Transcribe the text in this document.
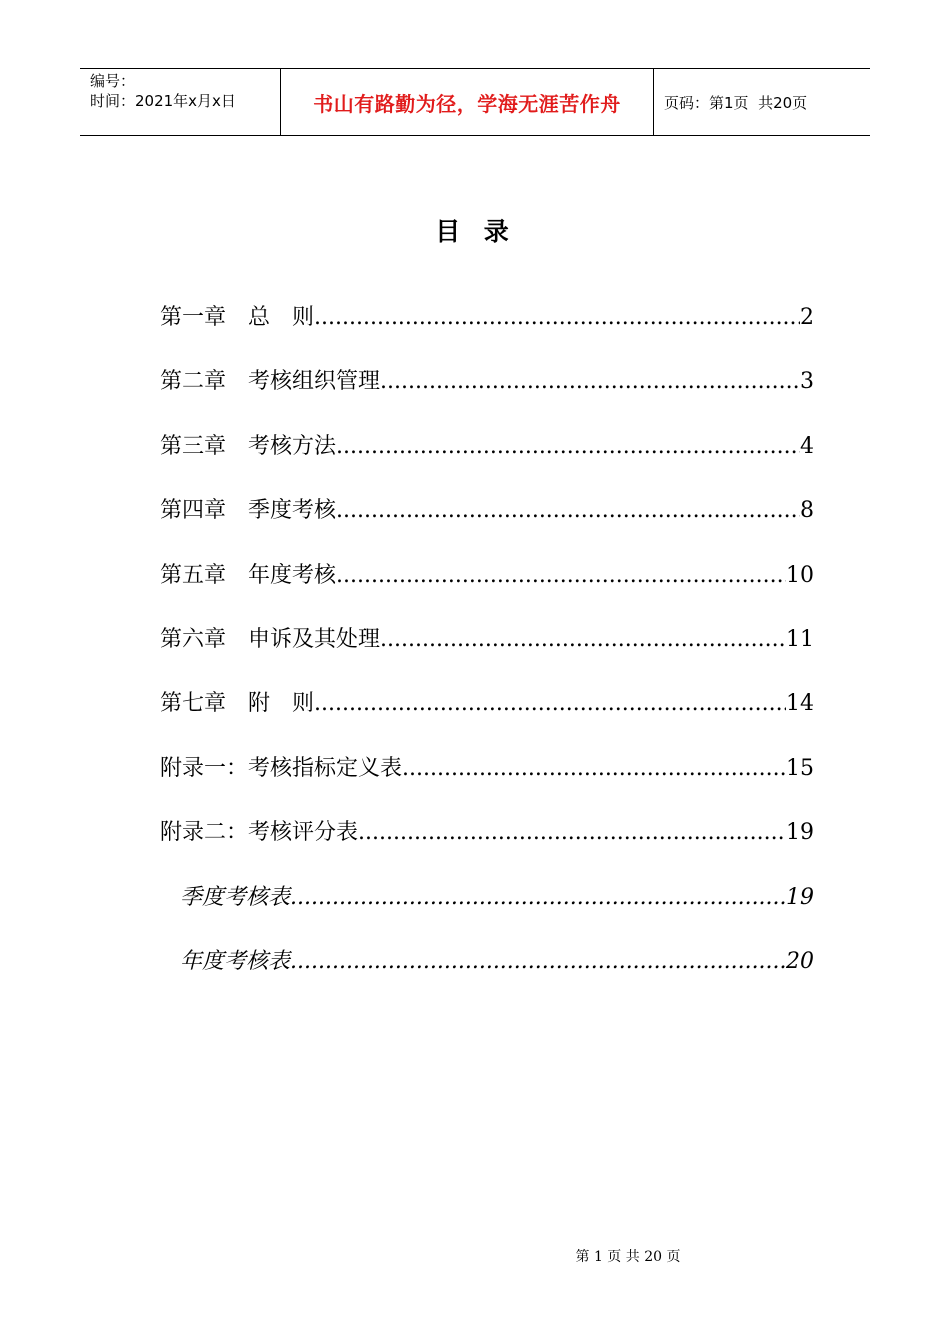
编号：
时间：2021年x月x日	书山有路勤为径，学海无涯苦作舟	页码：第1页  共20页
目  录
第一章　总　则 .....	2
第二章　考核组织管理 .....	3
第三章　考核方法 .....	4
第四章　季度考核 .....	8
第五章　年度考核 .....	10
第六章　申诉及其处理 .....	11
第七章　附　则 .....	14
附录一：考核指标定义表 .....	15
附录二：考核评分表 .....	19
季度考核表 .....	19
年度考核表 .....	20
第 1 页 共 20 页
